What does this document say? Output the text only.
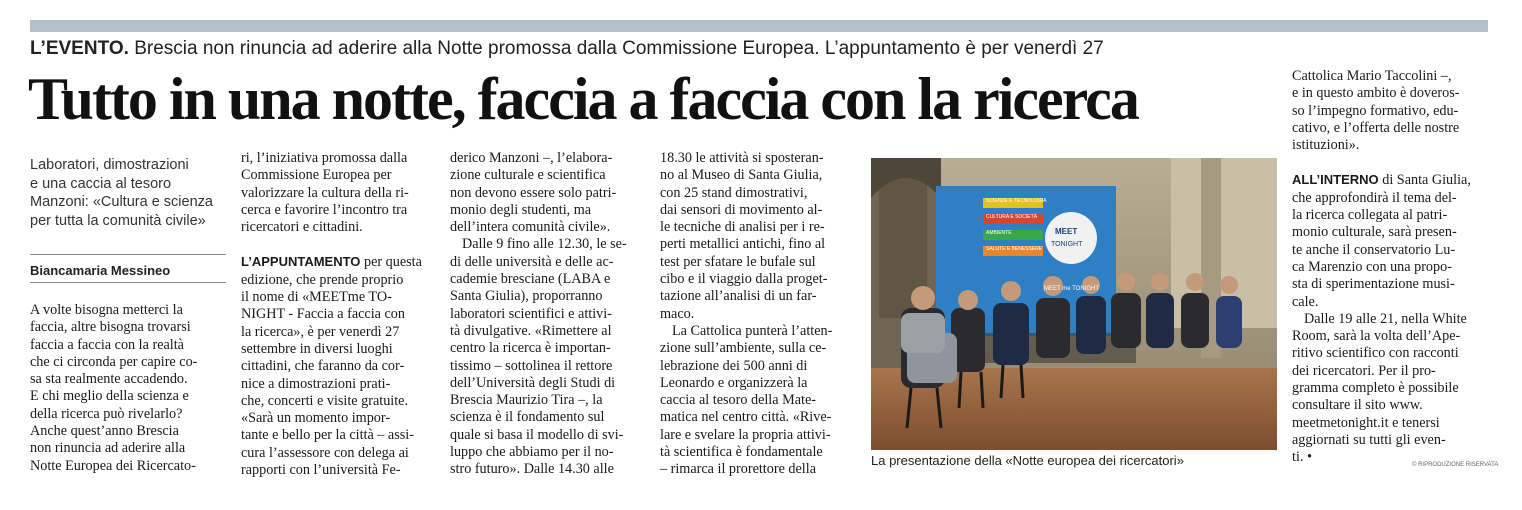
L’EVENTO. Brescia non rinuncia ad aderire alla Notte promossa dalla Commissione Europea. L’appuntamento è per venerdì 27
Tutto in una notte, faccia a faccia con la ricerca
Laboratori, dimostrazioni
e una caccia al tesoro
Manzoni: «Cultura e scienza
per tutta la comunità civile»
Biancamaria Messineo
A volte bisogna metterci la
faccia, altre bisogna trovarsi
faccia a faccia con la realtà
che ci circonda per capire co-
sa sta realmente accadendo.
E chi meglio della scienza e
della ricerca può rivelarlo?
Anche quest’anno Brescia
non rinuncia ad aderire alla
Notte Europea dei Ricercato-
ri, l’iniziativa promossa dalla
Commissione Europea per
valorizzare la cultura della ri-
cerca e favorire l’incontro tra
ricercatori e cittadini.
L’APPUNTAMENTO per questa
edizione, che prende proprio
il nome di «MEETme TO-
NIGHT - Faccia a faccia con
la ricerca», è per venerdì 27
settembre in diversi luoghi
cittadini, che faranno da cor-
nice a dimostrazioni prati-
che, concerti e visite gratuite.
«Sarà un momento impor-
tante e bello per la città – assi-
cura l’assessore con delega ai
rapporti con l’università Fe-
derico Manzoni –, l’elabora-
zione culturale e scientifica
non devono essere solo patri-
monio degli studenti, ma
dell’intera comunità civile».
Dalle 9 fino alle 12.30, le se-
di delle università e delle ac-
cademie bresciane (LABA e
Santa Giulia), proporranno
laboratori scientifici e attivi-
tà divulgative. «Rimettere al
centro la ricerca è importan-
tissimo – sottolinea il rettore
dell’Università degli Studi di
Brescia Maurizio Tira –, la
scienza è il fondamento sul
quale si basa il modello di svi-
luppo che abbiamo per il no-
stro futuro». Dalle 14.30 alle
18.30 le attività si sposteran-
no al Museo di Santa Giulia,
con 25 stand dimostrativi,
dai sensori di movimento al-
le tecniche di analisi per i re-
perti metallici antichi, fino al
test per sfatare le bufale sul
cibo e il viaggio dalla proget-
tazione all’analisi di un far-
maco.
La Cattolica punterà l’atten-
zione sull’ambiente, sulla ce-
lebrazione dei 500 anni di
Leonardo e organizzerà la
caccia al tesoro della Mate-
matica nel centro città. «Rive-
lare e svelare la propria attivi-
tà scientifica è fondamentale
– rimarca il prorettore della
MEET
TONIGHT
SCIENZE E TECNOLOGIA
CULTURA E SOCIETÀ
AMBIENTE
SALUTE E BENESSERE
MEET me TONIGHT
La presentazione della «Notte europea dei ricercatori»
Cattolica Mario Taccolini –,
e in questo ambito è doveros-
so l’impegno formativo, edu-
cativo, e l’offerta delle nostre
istituzioni».
ALL’INTERNO di Santa Giulia,
che approfondirà il tema del-
la ricerca collegata al patri-
monio culturale, sarà presen-
te anche il conservatorio Lu-
ca Marenzio con una propo-
sta di sperimentazione musi-
cale.
Dalle 19 alle 21, nella White
Room, sarà la volta dell’Ape-
ritivo scientifico con racconti
dei ricercatori. Per il pro-
gramma completo è possibile
consultare il sito www.
meetmetonight.it e tenersi
aggiornati su tutti gli even-
ti. •	© RIPRODUZIONE RISERVATA
